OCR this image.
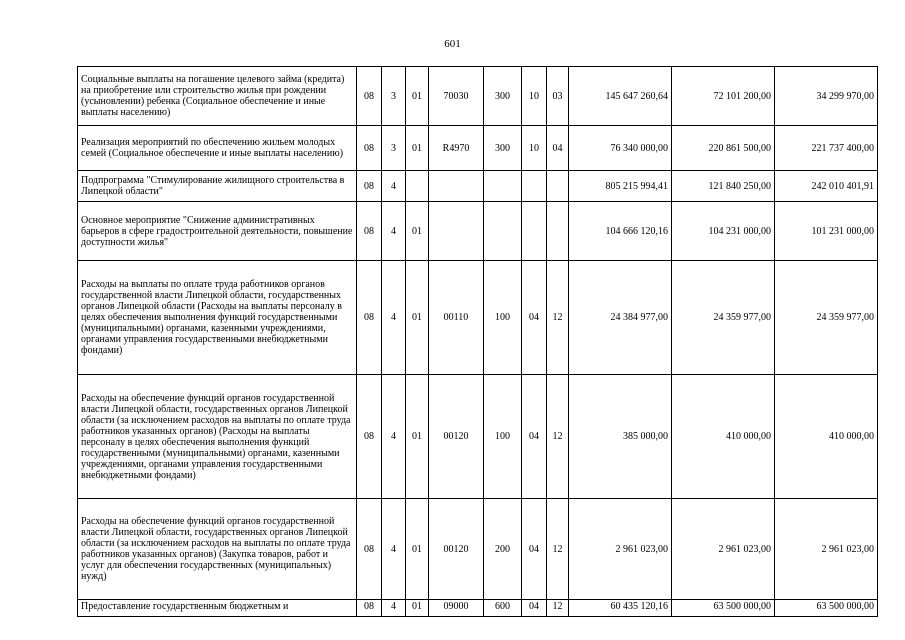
601
Социальные выплаты на погашение целевого займа (кредита) на приобретение или строительство жилья при рождении (усыновлении) ребенка (Социальное обеспечение и иные выплаты населению)	08	3	01	70030	300	10	03	145 647 260,64	72 101 200,00	34 299 970,00
Реализация мероприятий по обеспечению жильем молодых семей (Социальное обеспечение и иные выплаты населению)	08	3	01	R4970	300	10	04	76 340 000,00	220 861 500,00	221 737 400,00
Подпрограмма "Стимулирование жилищного строительства в Липецкой области"	08	4						805 215 994,41	121 840 250,00	242 010 401,91
Основное мероприятие "Снижение административных барьеров в сфере градостроительной деятельности, повышение доступности жилья"	08	4	01					104 666 120,16	104 231 000,00	101 231 000,00
Расходы на выплаты по оплате труда работников органов государственной власти Липецкой области, государственных органов Липецкой области (Расходы на выплаты персоналу в целях обеспечения выполнения функций государственными (муниципальными) органами, казенными учреждениями, органами управления государственными внебюджетными фондами)	08	4	01	00110	100	04	12	24 384 977,00	24 359 977,00	24 359 977,00
Расходы на обеспечение функций органов государственной власти Липецкой области, государственных органов Липецкой области (за исключением расходов на выплаты по оплате труда работников указанных органов) (Расходы на выплаты персоналу в целях обеспечения выполнения функций государственными (муниципальными) органами, казенными учреждениями, органами управления государственными внебюджетными фондами)	08	4	01	00120	100	04	12	385 000,00	410 000,00	410 000,00
Расходы на обеспечение функций органов государственной власти Липецкой области, государственных органов Липецкой области (за исключением расходов на выплаты по оплате труда работников указанных органов) (Закупка товаров, работ и услуг для обеспечения государственных (муниципальных) нужд)	08	4	01	00120	200	04	12	2 961 023,00	2 961 023,00	2 961 023,00
Предоставление государственным бюджетным и	08	4	01	09000	600	04	12	60 435 120,16	63 500 000,00	63 500 000,00
